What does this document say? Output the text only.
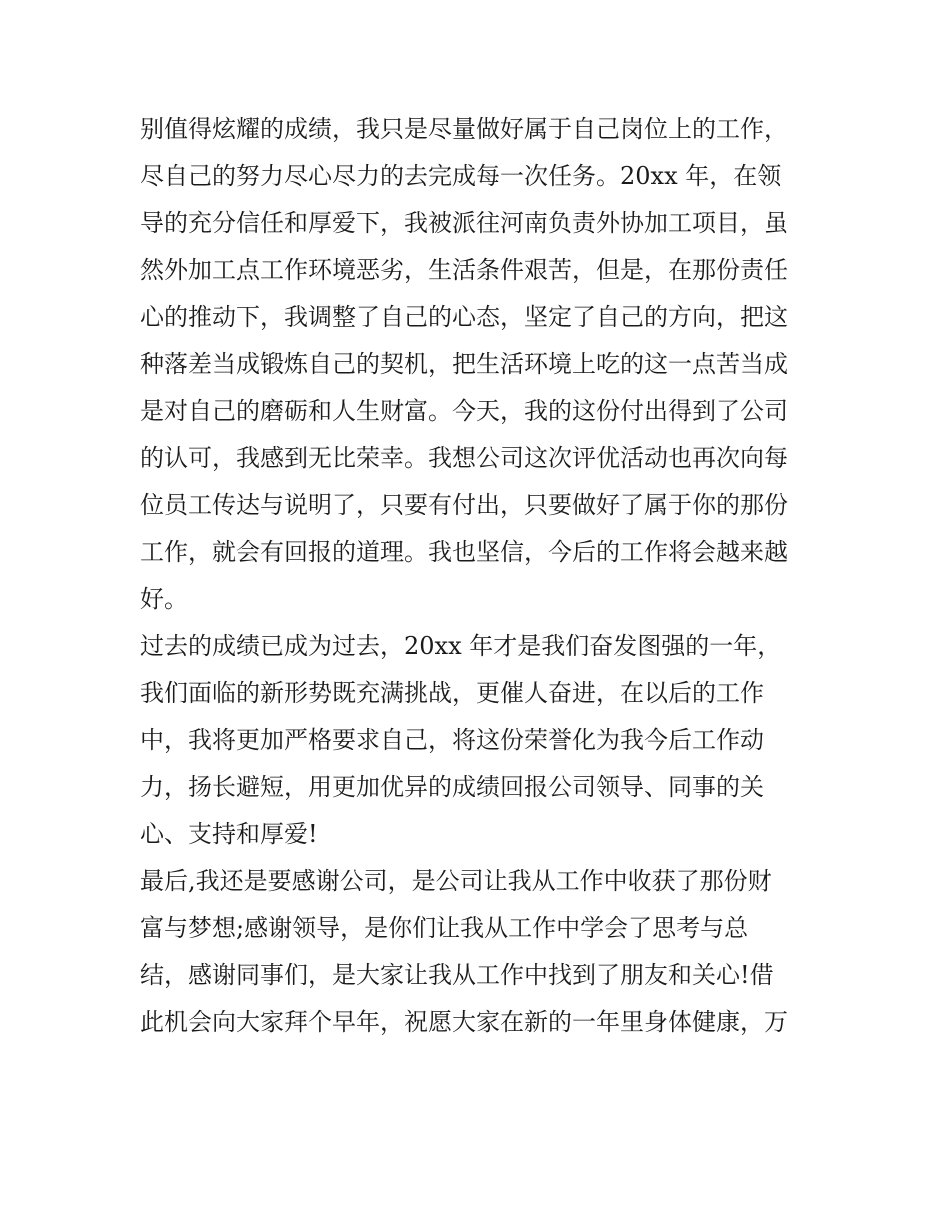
别值得炫耀的成绩，我只是尽量做好属于自己岗位上的工作，
尽自己的努力尽心尽力的去完成每一次任务。20xx 年，在领
导的充分信任和厚爱下，我被派往河南负责外协加工项目，虽
然外加工点工作环境恶劣，生活条件艰苦，但是，在那份责任
心的推动下，我调整了自己的心态，坚定了自己的方向，把这
种落差当成锻炼自己的契机，把生活环境上吃的这一点苦当成
是对自己的磨砺和人生财富。今天，我的这份付出得到了公司
的认可，我感到无比荣幸。我想公司这次评优活动也再次向每
位员工传达与说明了，只要有付出，只要做好了属于你的那份
工作，就会有回报的道理。我也坚信，今后的工作将会越来越
好。
过去的成绩已成为过去，20xx 年才是我们奋发图强的一年，
我们面临的新形势既充满挑战，更催人奋进，在以后的工作
中，我将更加严格要求自己，将这份荣誉化为我今后工作动
力，扬长避短，用更加优异的成绩回报公司领导、同事的关
心、支持和厚爱!
最后,我还是要感谢公司，是公司让我从工作中收获了那份财
富与梦想;感谢领导，是你们让我从工作中学会了思考与总
结，感谢同事们，是大家让我从工作中找到了朋友和关心!借
此机会向大家拜个早年，祝愿大家在新的一年里身体健康，万
